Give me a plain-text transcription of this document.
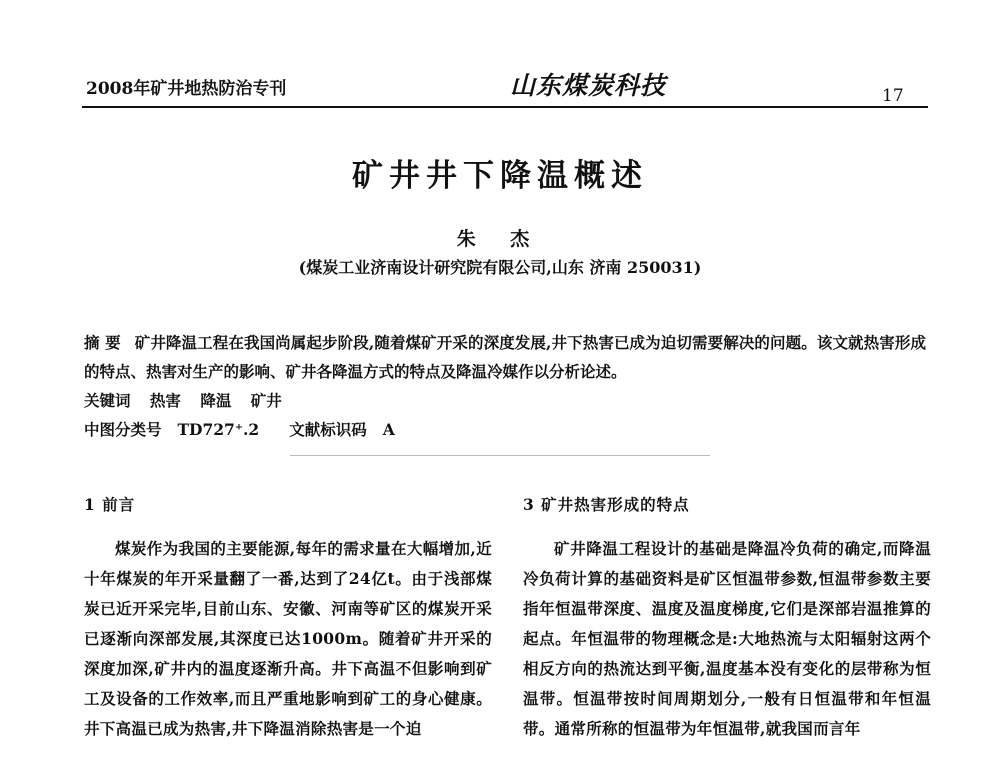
2008年矿井地热防治专刊	山东煤炭科技	17
矿井井下降温概述
朱 杰
(煤炭工业济南设计研究院有限公司,山东 济南 250031)
摘 要 矿井降温工程在我国尚属起步阶段,随着煤矿开采的深度发展,井下热害已成为迫切需要解决的问题。该文就热害形成的特点、热害对生产的影响、矿井各降温方式的特点及降温冷媒作以分析论述。
关键词 热害 降温 矿井
中图分类号 TD727⁺.2 文献标识码 A
1 前言
煤炭作为我国的主要能源,每年的需求量在大幅增加,近十年煤炭的年开采量翻了一番,达到了24亿t。由于浅部煤炭已近开采完毕,目前山东、安徽、河南等矿区的煤炭开采已逐渐向深部发展,其深度已达1000m。随着矿井开采的深度加深,矿井内的温度逐渐升高。井下高温不但影响到矿工及设备的工作效率,而且严重地影响到矿工的身心健康。井下高温已成为热害,井下降温消除热害是一个迫
3 矿井热害形成的特点
矿井降温工程设计的基础是降温冷负荷的确定,而降温冷负荷计算的基础资料是矿区恒温带参数,恒温带参数主要指年恒温带深度、温度及温度梯度,它们是深部岩温推算的起点。年恒温带的物理概念是:大地热流与太阳辐射这两个相反方向的热流达到平衡,温度基本没有变化的层带称为恒温带。恒温带按时间周期划分,一般有日恒温带和年恒温带。通常所称的恒温带为年恒温带,就我国而言年
